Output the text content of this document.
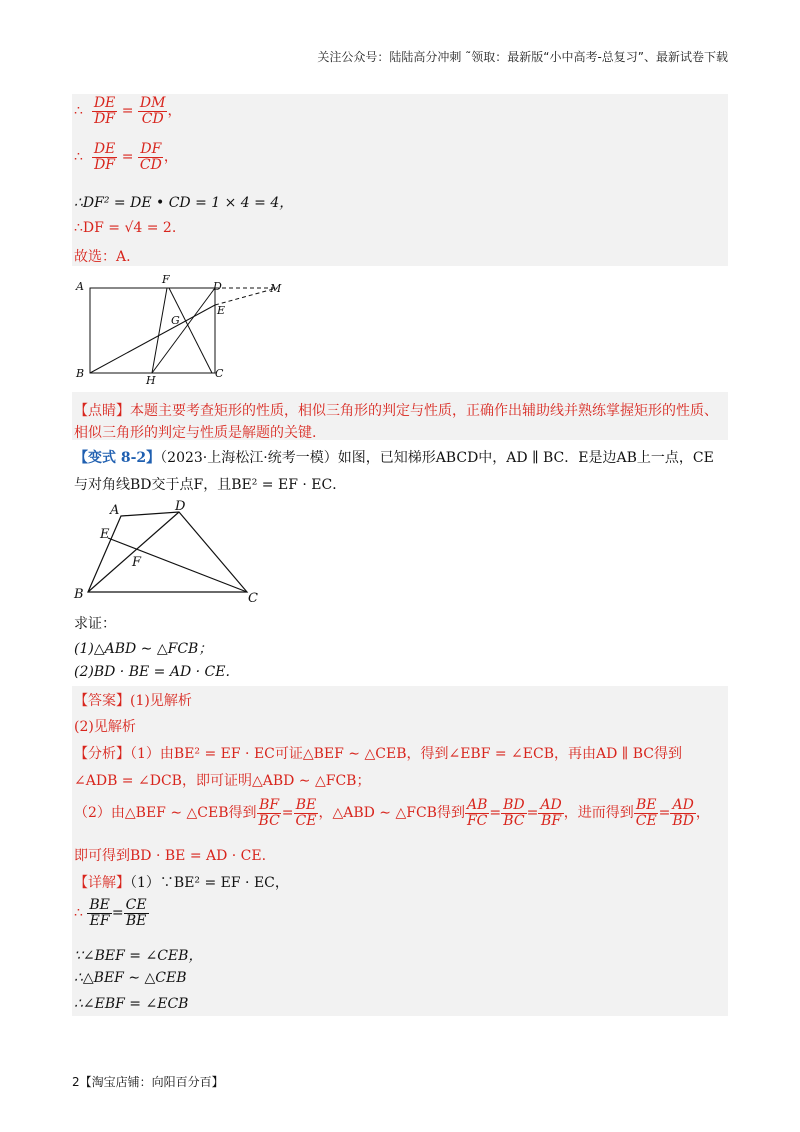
关注公众号：陆陆高分冲刺 ˜领取：最新版“小中高考-总复习”、最新试卷下载
∴ $\frac{DE}{DF} = \frac{DM}{CD}$ ，
∴ $\frac{DE}{DF} = \frac{DF}{CD}$ ，
∴DF² = DE • CD = 1 × 4 = 4，
∴DF = √4 = 2.
故选：A.
A
F
D	M
G
E
B
H
C
【点睛】本题主要考查矩形的性质，相似三角形的判定与性质，正确作出辅助线并熟练掌握矩形的性质、
相似三角形的判定与性质是解题的关键.
【变式 8-2】（2023·上海松江·统考一模）如图，已知梯形ABCD中，AD ∥ BC．E是边AB上一点，CE
与对角线BD交于点F，且BE² = EF · EC．
A	D
E
F
B	C
求证：
(1)△ABD ∼ △FCB；
(2)BD · BE = AD · CE.
【答案】(1)见解析
(2)见解析
【分析】（1）由BE² = EF · EC可证△BEF ∼ △CEB，得到∠EBF = ∠ECB，再由AD ∥ BC得到
∠ADB = ∠DCB，即可证明△ABD ∼ △FCB；
（2）由△BEF ∼ △CEB得到 $\frac{BF}{BC} = \frac{BE}{CE}$ ，△ABD ∼ △FCB得到 $\frac{AB}{FC} = \frac{BD}{BC} = \frac{AD}{BF}$ ，进而得到 $\frac{BE}{CE} = \frac{AD}{BD}$ ，
即可得到BD · BE = AD · CE.
【详解】（1）∵BE² = EF · EC，
∴ $\frac{BE}{EF} = \frac{CE}{BE}$
∵∠BEF = ∠CEB，
∴△BEF ∼ △CEB
∴∠EBF = ∠ECB
2【淘宝店铺：向阳百分百】
